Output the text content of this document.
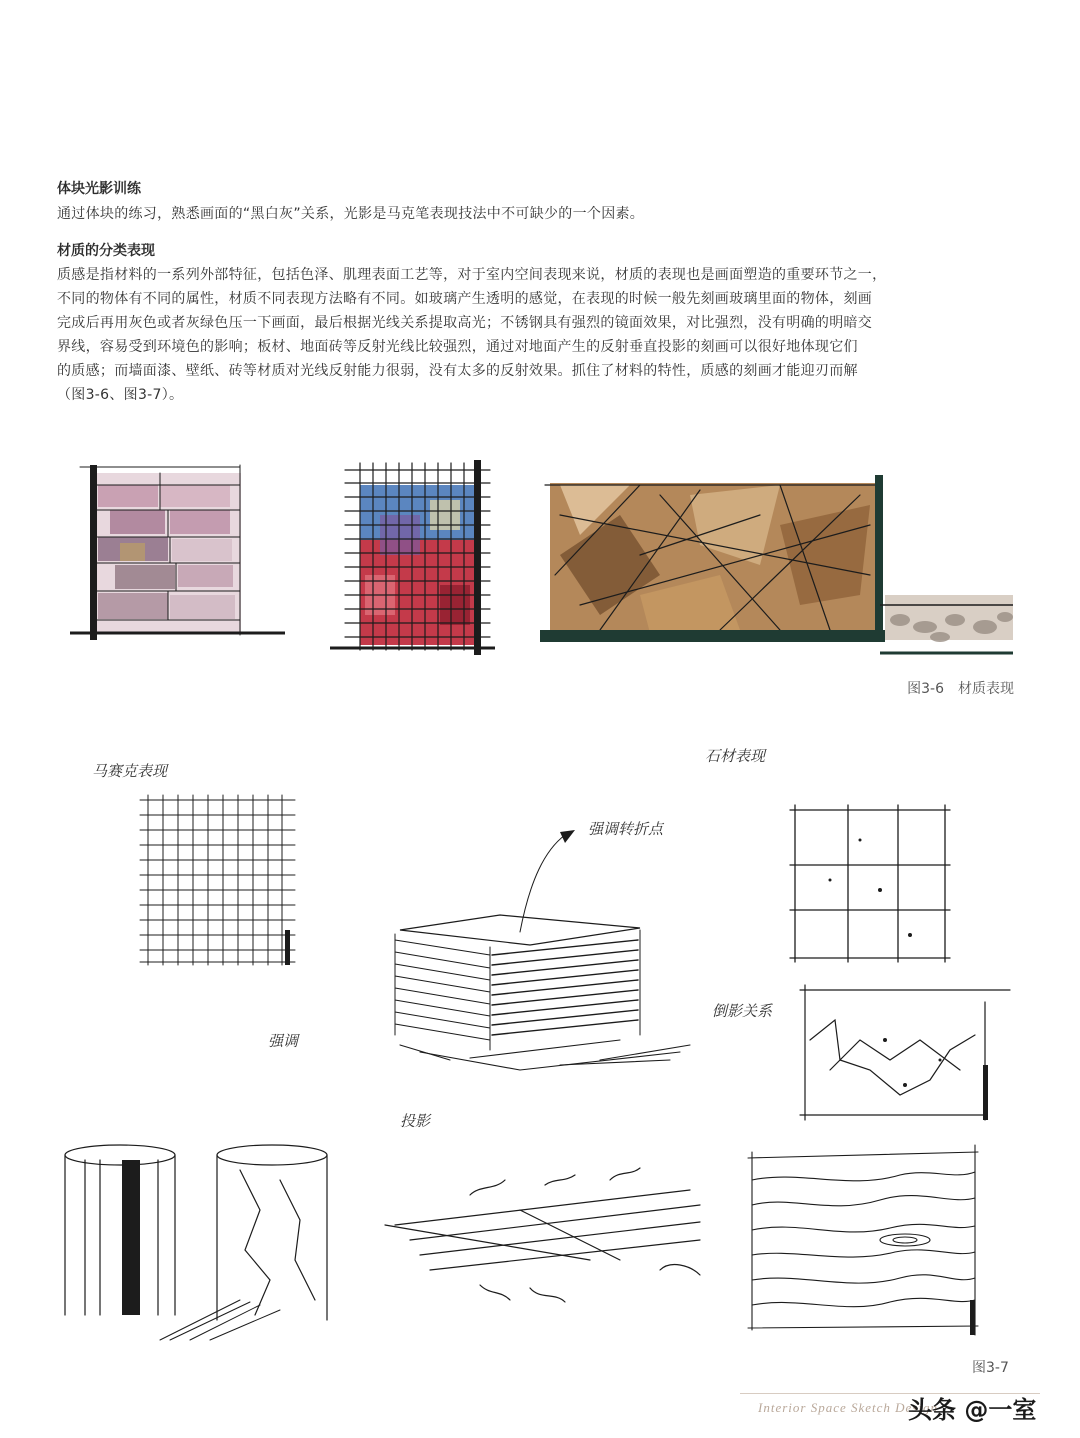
体块光影训练
通过体块的练习，熟悉画面的“黑白灰”关系，光影是马克笔表现技法中不可缺少的一个因素。
材质的分类表现
质感是指材料的一系列外部特征，包括色泽、肌理表面工艺等，对于室内空间表现来说，材质的表现也是画面塑造的重要环节之一，
不同的物体有不同的属性，材质不同表现方法略有不同。如玻璃产生透明的感觉，在表现的时候一般先刻画玻璃里面的物体，刻画
完成后再用灰色或者灰绿色压一下画面，最后根据光线关系提取高光；不锈钢具有强烈的镜面效果，对比强烈，没有明确的明暗交
界线，容易受到环境色的影响；板材、地面砖等反射光线比较强烈，通过对地面产生的反射垂直投影的刻画可以很好地体现它们
的质感；而墙面漆、壁纸、砖等材质对光线反射能力很弱，没有太多的反射效果。抓住了材料的特性，质感的刻画才能迎刃而解
（图3-6、图3-7）。
图3-6　材质表现
马赛克表现
石材表现
强调转折点
强调
投影
倒影关系
图3-7
Interior Space Sketch Design
头条 @一室
